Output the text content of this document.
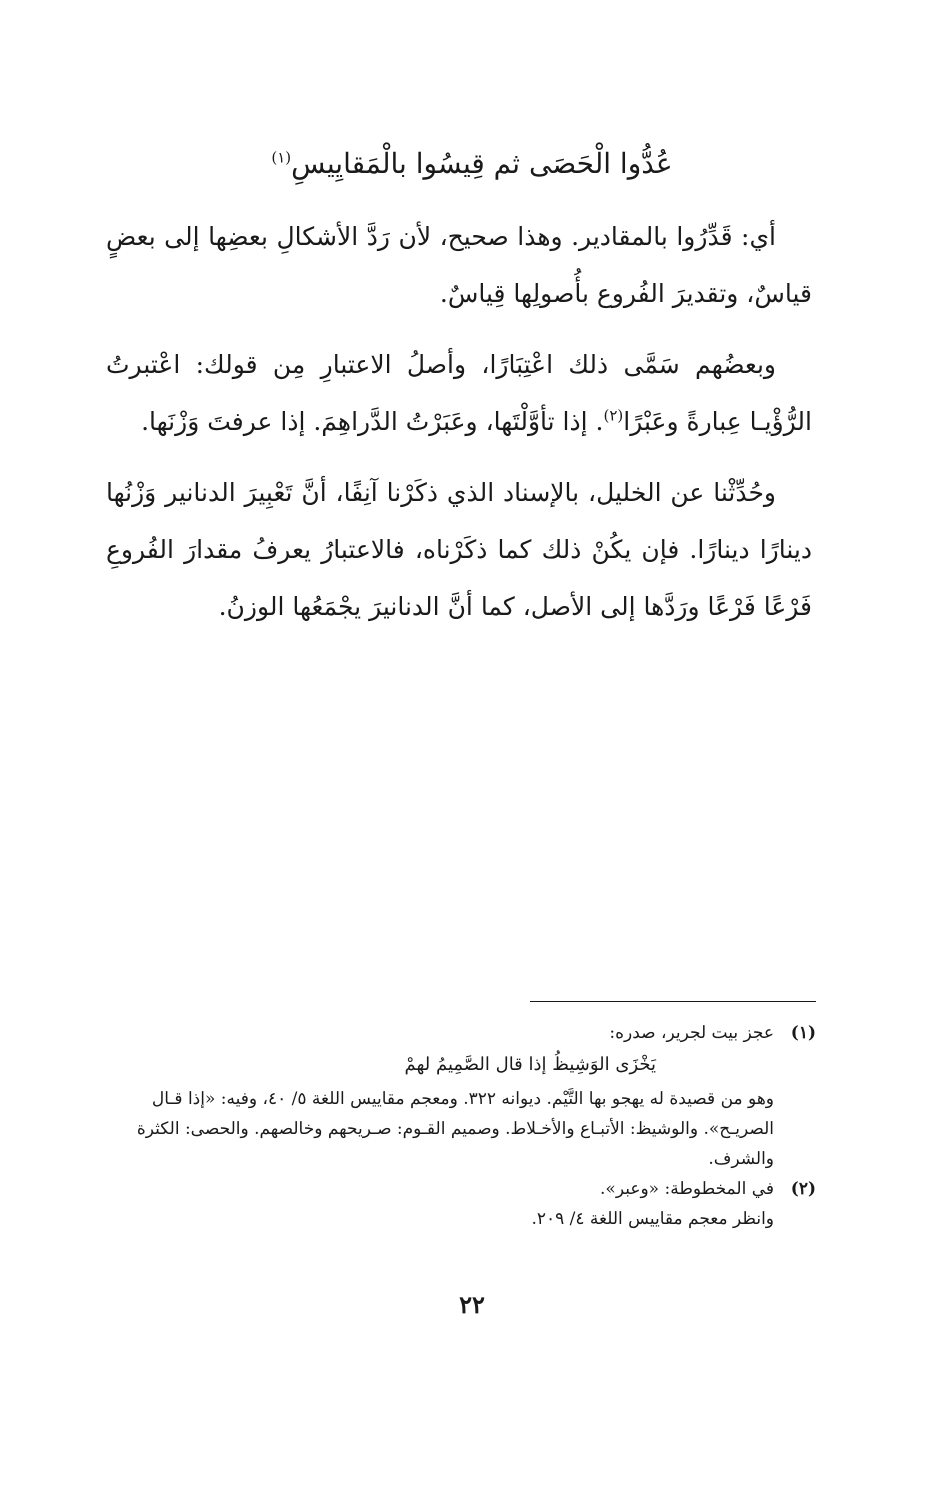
عُدُّوا الْحَصَى ثم قِيسُوا بالْمَقايِيسِ$^{(١)}$

أي: قَدِّرُوا بالمقادير. وهذا صحيح، لأن رَدَّ الأشكالِ بعضِها إلى بعضٍ قياسٌ، وتقديرَ الفُروع بأُصولِها قِياسٌ.

وبعضُهم سَمَّى ذلك اعْتِبَارًا، وأصلُ الاعتبارِ مِن قولك: اعْتبرتُ الرُّؤْيـا عِبارةً وعَبْرًا$^{(٢)}$. إذا تأوَّلْتَها، وعَبَرْتُ الدَّراهِمَ. إذا عرفتَ وَزْنَها.

وحُدِّثْنا عن الخليل، بالإسناد الذي ذكَرْنا آنِفًا، أنَّ تَعْبِيرَ الدنانير وَزْنُها دينارًا دينارًا. فإن يكُنْ ذلك كما ذكَرْناه، فالاعتبارُ يعرفُ مقدارَ الفُروعِ فَرْعًا فَرْعًا ورَدَّها إلى الأصل، كما أنَّ الدنانيرَ يجْمَعُها الوزنُ.

(١)عجز بيت لجرير، صدره:

يَخْزَى الوَشِيظُ إذا قال الصَّمِيمُ لهمْ

وهو من قصيدة له يهجو بها التَّيْم. ديوانه ٣٢٢. ومعجم مقاييس اللغة ٥/ ٤٠، وفيه: «إذا قـال الصريـح». والوشيظ: الأتبـاع والأخـلاط. وصميم القـوم: صـريحهم وخالصهم. والحصى: الكثرة والشرف.

(٢)في المخطوطة: «وعبر».

وانظر معجم مقاييس اللغة ٤/ ٢٠٩.

٢٢
